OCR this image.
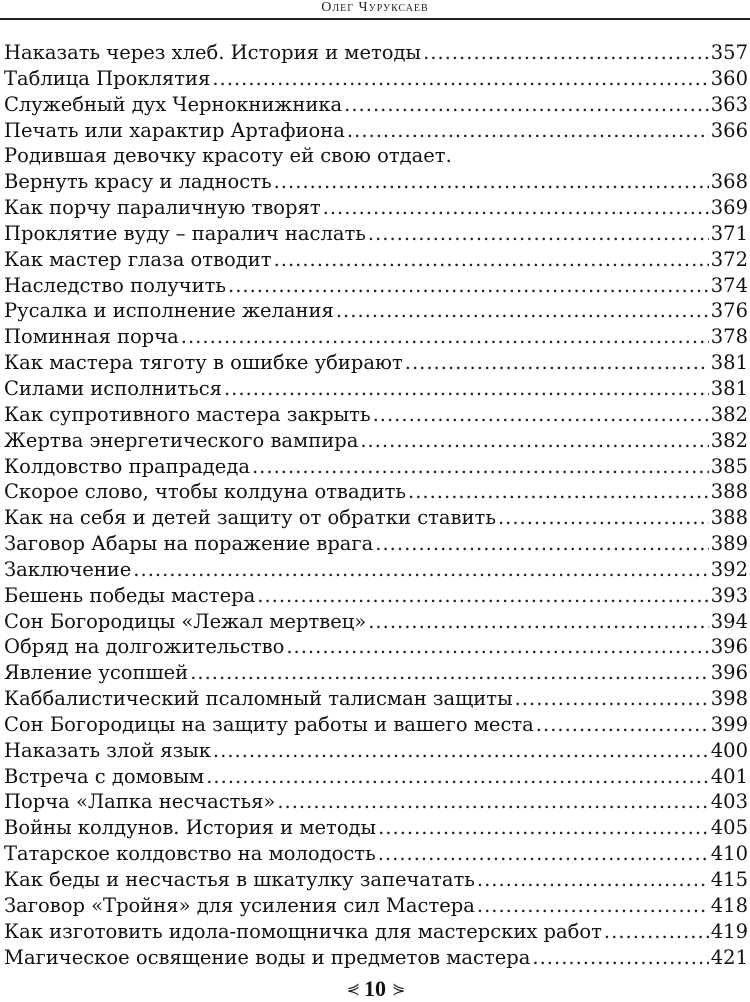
Олег Чуруксаев
Наказать через хлеб. История и методы .....	357
Таблица Проклятия .....	360
Служебный дух Чернокнижника .....	363
Печать или характир Артафиона .....	366
Родившая девочку красоту ей свою отдает.
Вернуть красу и ладность .....	368
Как порчу параличную творят .....	369
Проклятие вуду – паралич наслать .....	371
Как мастер глаза отводит .....	372
Наследство получить .....	374
Русалка и исполнение желания .....	376
Поминная порча .....	378
Как мастера тяготу в ошибке убирают .....	381
Силами исполниться .....	381
Как супротивного мастера закрыть .....	382
Жертва энергетического вампира .....	382
Колдовство прапрадеда .....	385
Скорое слово, чтобы колдуна отвадить .....	388
Как на себя и детей защиту от обратки ставить .....	388
Заговор Абары на поражение врага .....	389
Заключение .....	392
Бешень победы мастера .....	393
Сон Богородицы «Лежал мертвец» .....	394
Обряд на долгожительство .....	396
Явление усопшей .....	396
Каббалистический псаломный талисман защиты .....	398
Сон Богородицы на защиту работы и вашего места .....	399
Наказать злой язык .....	400
Встреча с домовым .....	401
Порча «Лапка несчастья» .....	403
Войны колдунов. История и методы .....	405
Татарское колдовство на молодость .....	410
Как беды и несчастья в шкатулку запечатать .....	415
Заговор «Тройня» для усиления сил Мастера .....	418
Как изготовить идола-помощничка для мастерских работ .....	419
Магическое освящение воды и предметов мастера .....	421
⋞ 10 ⋟
